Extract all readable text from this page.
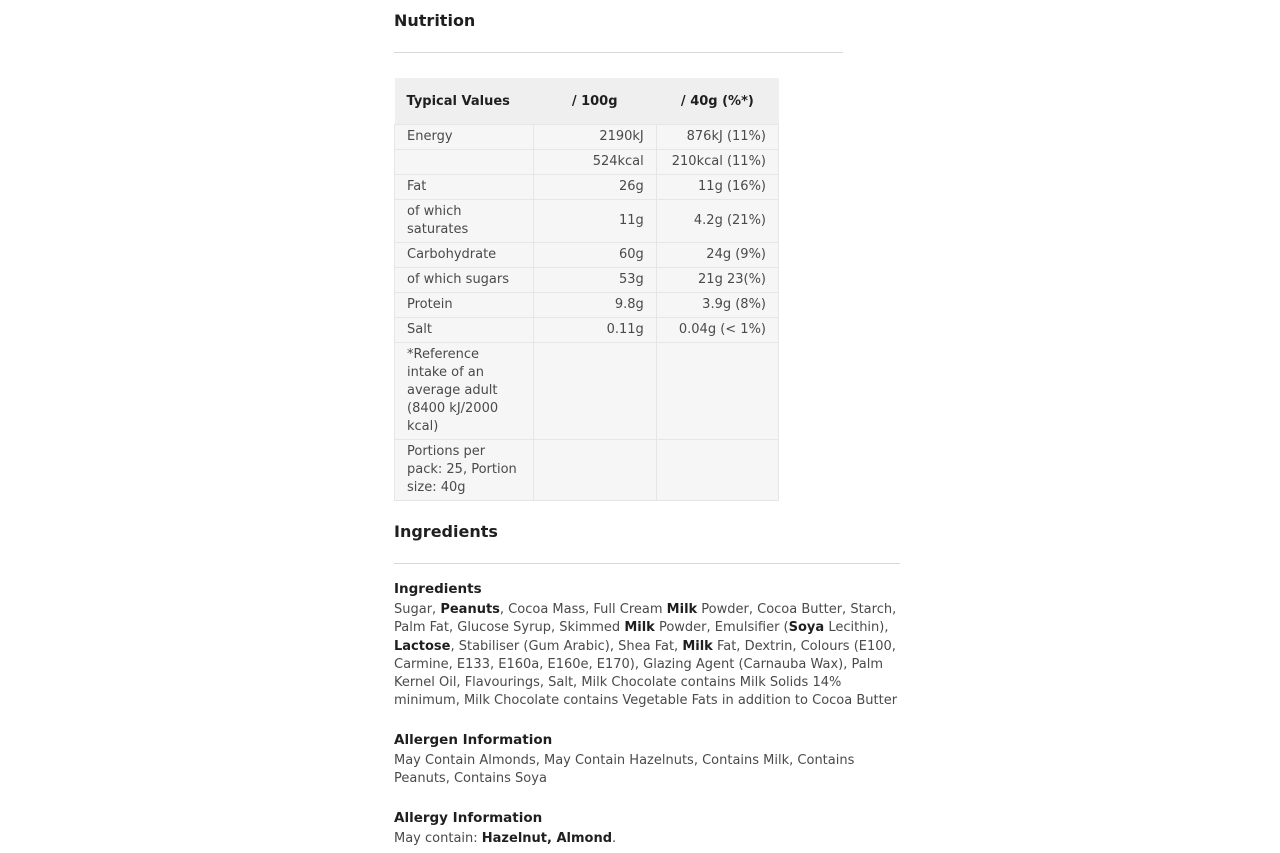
Nutrition
Typical Values	/ 100g	/ 40g (%*)
Energy	2190kJ	876kJ (11%)
	524kcal	210kcal (11%)
Fat	26g	11g (16%)
of which saturates	11g	4.2g (21%)
Carbohydrate	60g	24g (9%)
of which sugars	53g	21g 23(%)
Protein	9.8g	3.9g (8%)
Salt	0.11g	0.04g (< 1%)
*Reference intake of an average adult (8400 kJ/2000 kcal)		
Portions per pack: 25, Portion size: 40g		
Ingredients
Ingredients

Sugar, Peanuts, Cocoa Mass, Full Cream Milk Powder, Cocoa Butter, Starch, Palm Fat, Glucose Syrup, Skimmed Milk Powder, Emulsifier (Soya Lecithin), Lactose, Stabiliser (Gum Arabic), Shea Fat, Milk Fat, Dextrin, Colours (E100, Carmine, E133, E160a, E160e, E170), Glazing Agent (Carnauba Wax), Palm Kernel Oil, Flavourings, Salt, Milk Chocolate contains Milk Solids 14% minimum, Milk Chocolate contains Vegetable Fats in addition to Cocoa Butter

Allergen Information

May Contain Almonds, May Contain Hazelnuts, Contains Milk, Contains Peanuts, Contains Soya

Allergy Information

May contain: Hazelnut, Almond.
